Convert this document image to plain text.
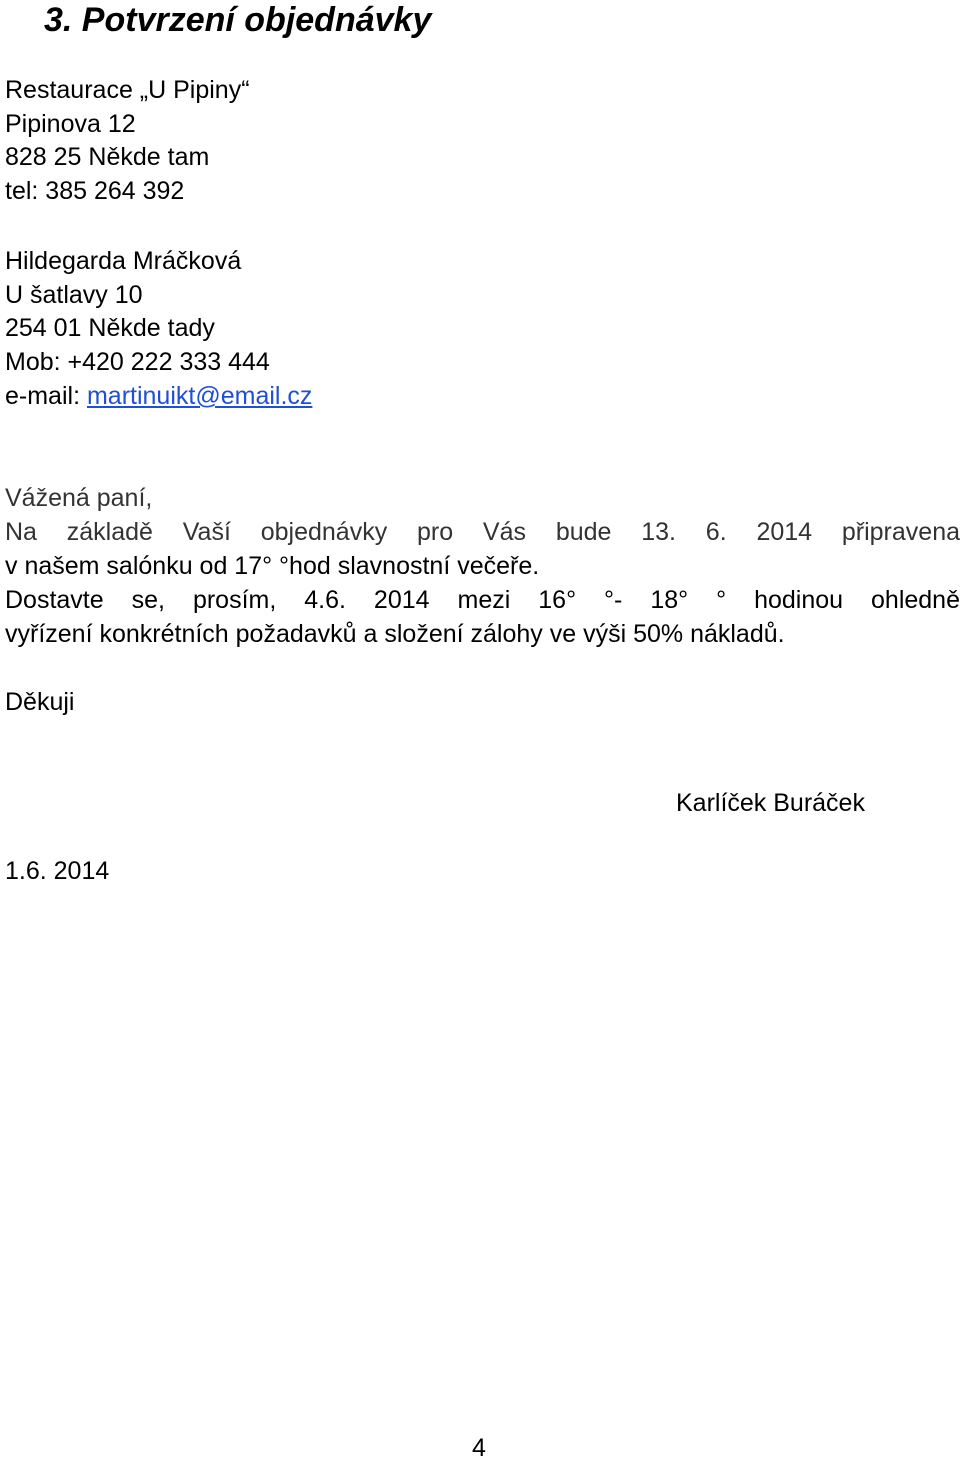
3. Potvrzení objednávky
Restaurace „U Pipiny“
Pipinova 12
828 25 Někde tam
tel: 385 264 392
Hildegarda Mráčková
U šatlavy 10
254 01 Někde tady
Mob: +420 222 333 444
e-mail: martinuikt@email.cz
Vážená paní,
Na základě Vaší objednávky pro Vás bude 13. 6. 2014 připravena
v našem salónku od 17° °hod slavnostní večeře.
Dostavte se, prosím, 4.6. 2014 mezi 16° °- 18° ° hodinou ohledně
vyřízení konkrétních požadavků a složení zálohy ve výši 50% nákladů.
Děkuji
Karlíček Buráček
1.6. 2014
4
